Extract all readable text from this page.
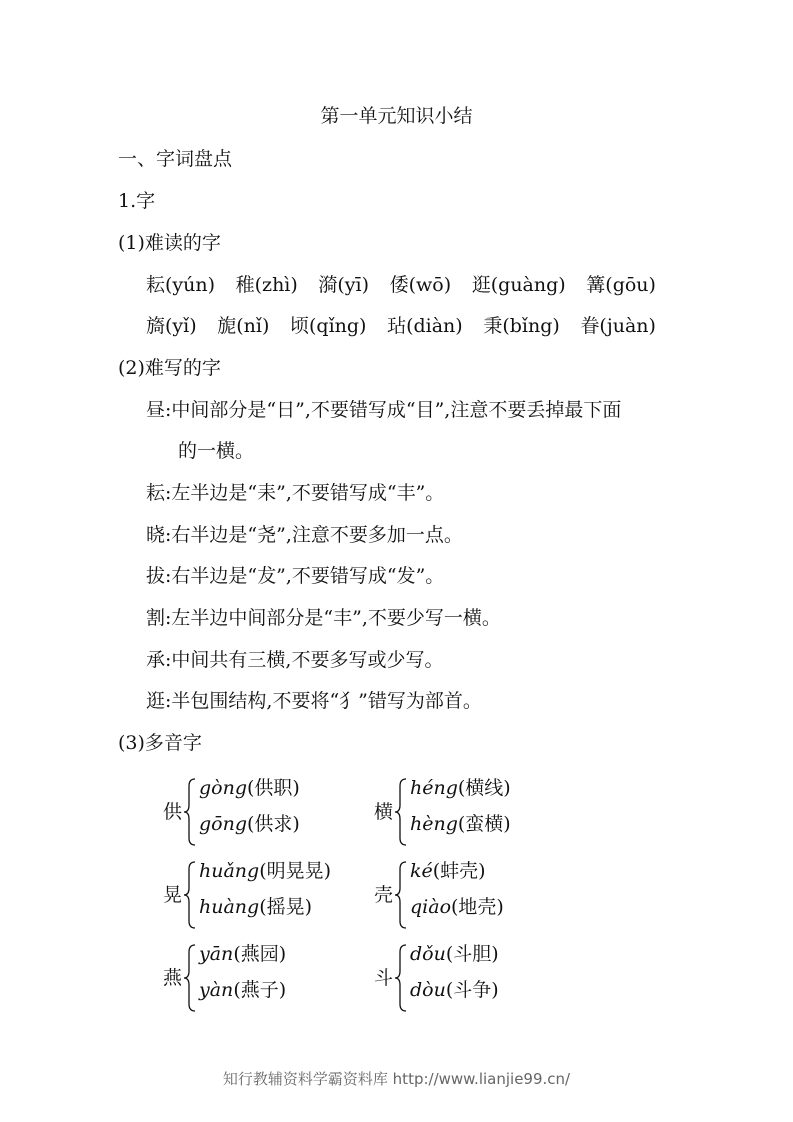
第一单元知识小结
一、字词盘点
1.字
(1)难读的字
耘(yún) 稚(zhì) 漪(yī) 倭(wō) 逛(guàng) 篝(gōu)
旖(yǐ) 旎(nǐ) 顷(qǐng) 玷(diàn) 秉(bǐng) 眷(juàn)
(2)难写的字
昼:中间部分是“日”,不要错写成“目”,注意不要丢掉最下面
的一横。
耘:左半边是“耒”,不要错写成“丰”。
晓:右半边是“尧”,注意不要多加一点。
拔:右半边是“犮”,不要错写成“发”。
割:左半边中间部分是“丰”,不要少写一横。
承:中间共有三横,不要多写或少写。
逛:半包围结构,不要将“犭”错写为部首。
(3)多音字
供
gòng(供职)
gōng(供求)
横
héng(横线)
hèng(蛮横)
晃
huǎng(明晃晃)
huàng(摇晃)
壳
ké(蚌壳)
qiào(地壳)
燕
yān(燕园)
yàn(燕子)
斗
dǒu(斗胆)
dòu(斗争)
知行教辅资料学霸资料库 http://www.lianjie99.cn/
